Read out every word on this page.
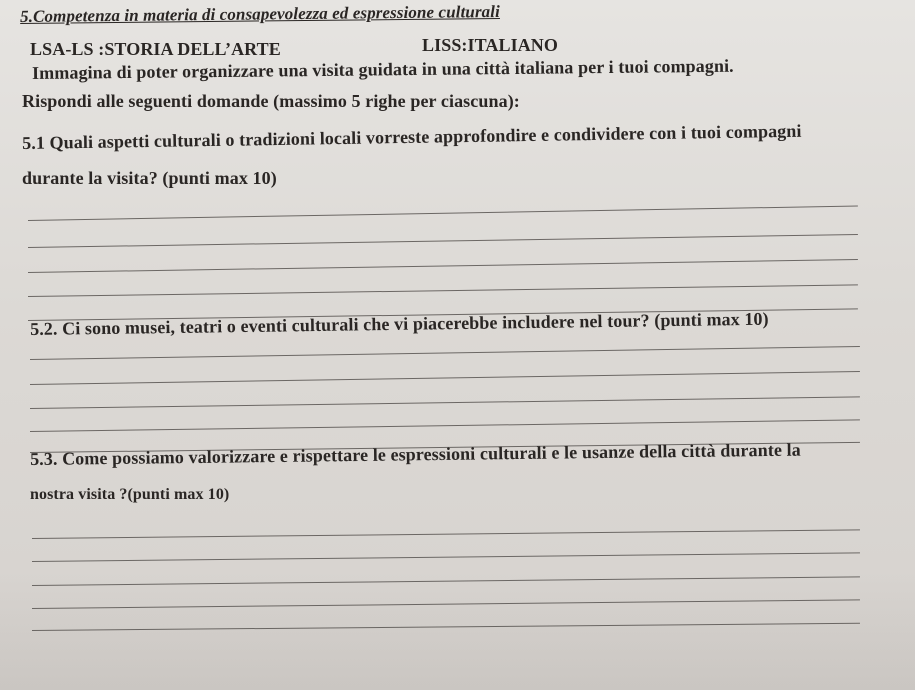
5.Competenza in materia di consapevolezza ed espressione culturali
LSA-LS :STORIA DELL’ARTE	LISS:ITALIANO
Immagina di poter organizzare una visita guidata in una città italiana per i tuoi compagni.
Rispondi alle seguenti domande (massimo 5 righe per ciascuna):
5.1 Quali aspetti culturali o tradizioni locali vorreste approfondire e condividere con i tuoi compagni
durante la visita? (punti max 10)
5.2. Ci sono musei, teatri o eventi culturali che vi piacerebbe includere nel tour? (punti max 10)
5.3. Come possiamo valorizzare e rispettare le espressioni culturali e le usanze della città durante la
nostra visita ?(punti max 10)
